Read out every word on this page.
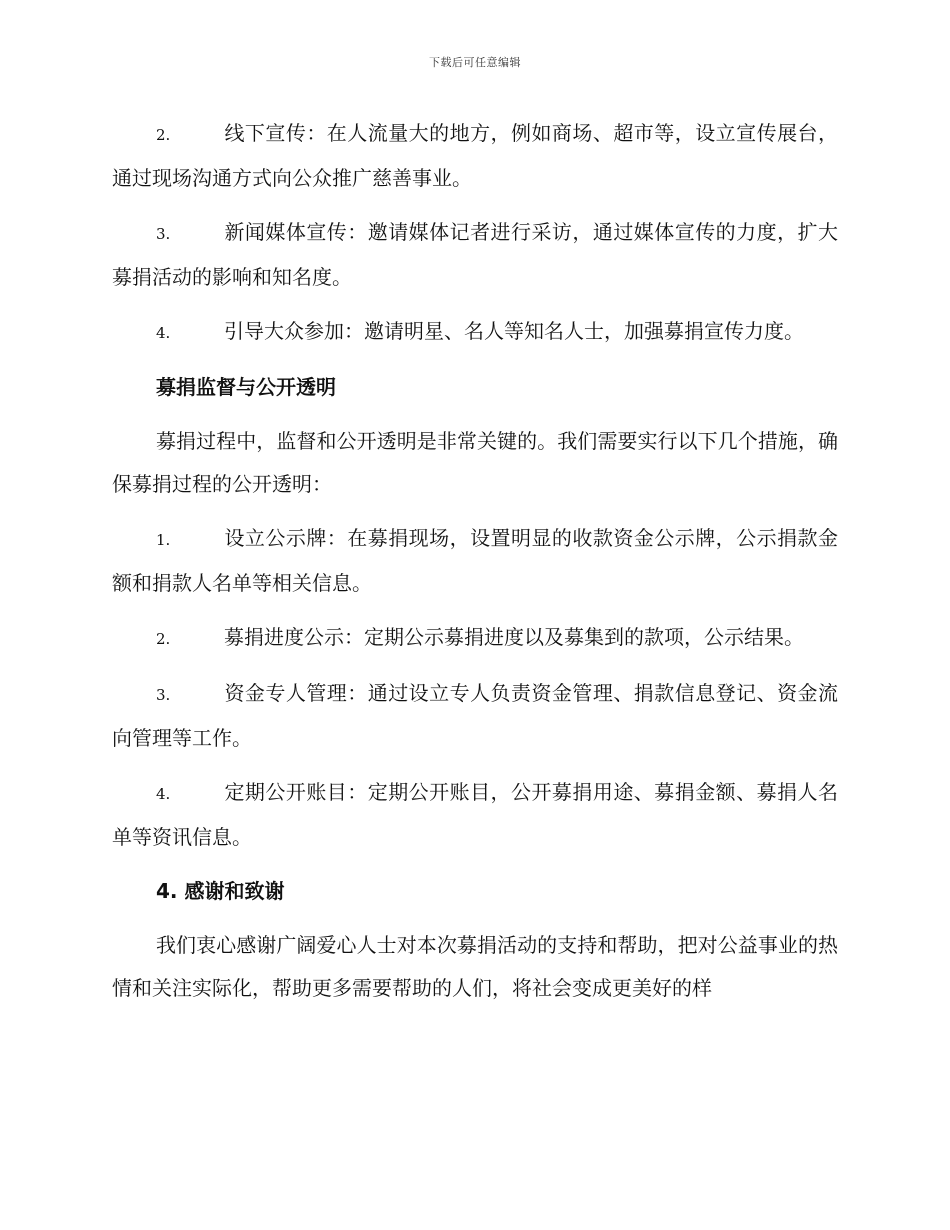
下载后可任意编辑

2.	线下宣传：在人流量大的地方，例如商场、超市等，设立宣传展台，通过现场沟通方式向公众推广慈善事业。

3.	新闻媒体宣传：邀请媒体记者进行采访，通过媒体宣传的力度，扩大募捐活动的影响和知名度。

4.	引导大众参加：邀请明星、名人等知名人士，加强募捐宣传力度。

募捐监督与公开透明

募捐过程中，监督和公开透明是非常关键的。我们需要实行以下几个措施，确保募捐过程的公开透明：

1.	设立公示牌：在募捐现场，设置明显的收款资金公示牌，公示捐款金额和捐款人名单等相关信息。

2.	募捐进度公示：定期公示募捐进度以及募集到的款项，公示结果。

3.	资金专人管理：通过设立专人负责资金管理、捐款信息登记、资金流向管理等工作。

4.	定期公开账目：定期公开账目，公开募捐用途、募捐金额、募捐人名单等资讯信息。

4. 感谢和致谢

我们衷心感谢广阔爱心人士对本次募捐活动的支持和帮助，把对公益事业的热情和关注实际化，帮助更多需要帮助的人们，将社会变成更美好的样
